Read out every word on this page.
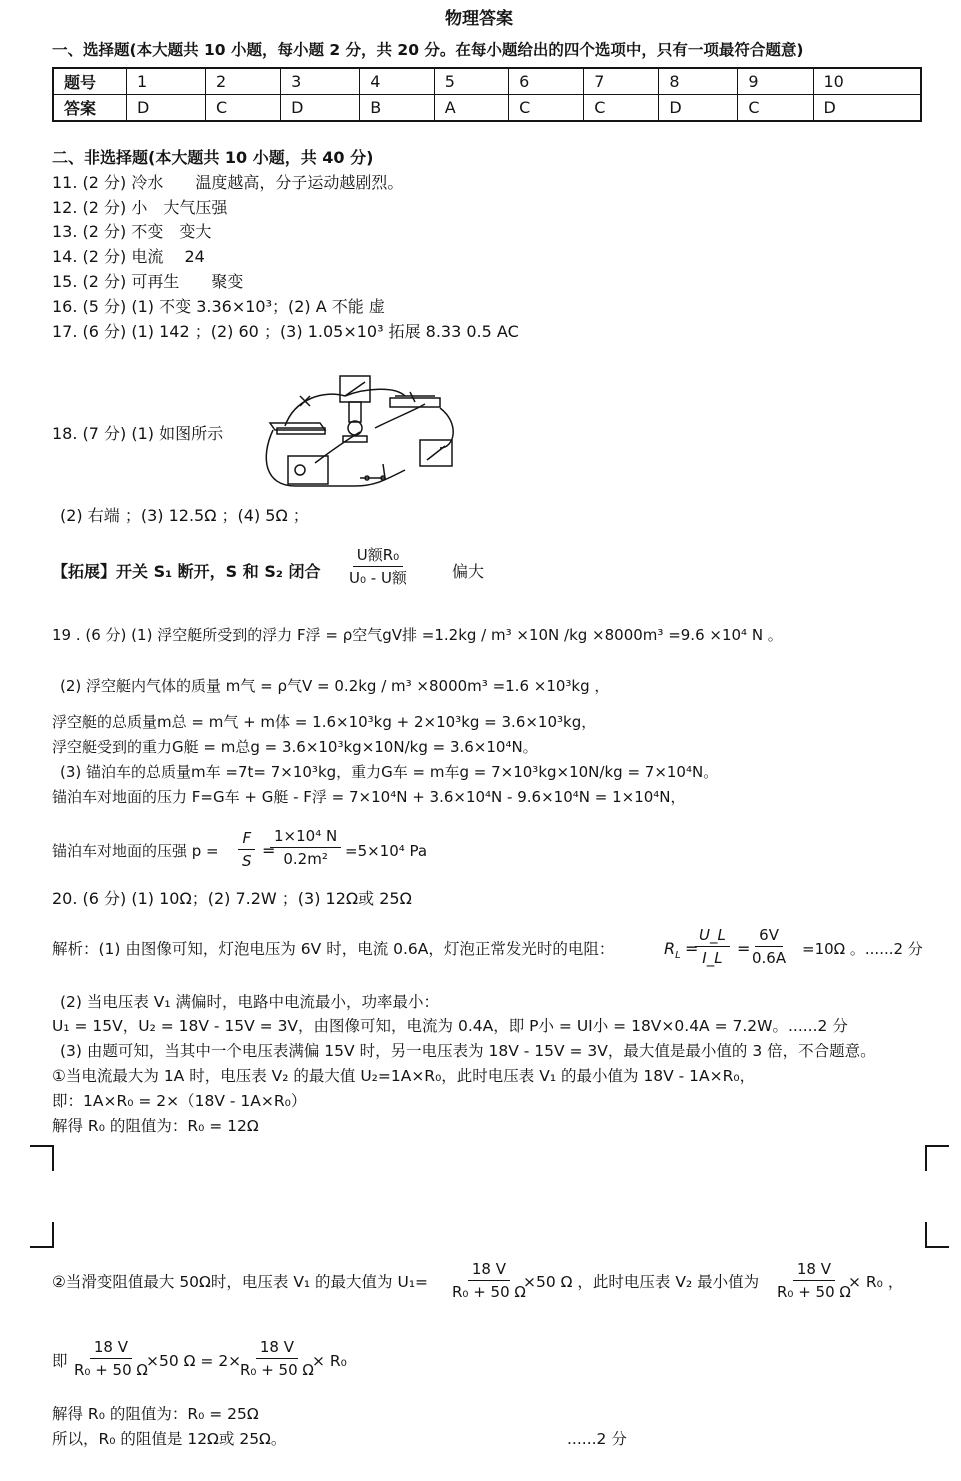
物理答案
一、选择题(本大题共 10 小题，每小题 2 分，共 20 分。在每小题给出的四个选项中，只有一项最符合题意)
题号	1	2	3	4	5	6	7	8	9	10
答案	D	C	D	B	A	C	C	D	C	D
二、非选择题(本大题共 10 小题，共 40 分)
11. (2 分) 冷水　　温度越高，分子运动越剧烈。
12. (2 分) 小　大气压强
13. (2 分) 不变　变大
14. (2 分) 电流　 24
15. (2 分) 可再生　　聚变
16. (5 分) (1) 不变 3.36×10³；(2) A 不能 虚
17. (6 分) (1) 142 ；(2) 60 ；(3) 1.05×10³ 拓展 8.33 0.5 AC
18. (7 分) (1) 如图所示
(2) 右端 ；(3) 12.5Ω ；(4) 5Ω ；
【拓展】开关 S₁ 断开，S 和 S₂ 闭合
U额R₀
U₀ - U额	偏大
19 . (6 分) (1) 浮空艇所受到的浮力 F浮 = ρ空气gV排 =1.2kg / m³ ×10N /kg ×8000m³ =9.6 ×10⁴ N 。
(2) 浮空艇内气体的质量 m气 = ρ气V = 0.2kg / m³ ×8000m³ =1.6 ×10³kg ，
浮空艇的总质量m总 = m气 + m体 = 1.6×10³kg + 2×10³kg = 3.6×10³kg，
浮空艇受到的重力G艇 = m总g = 3.6×10³kg×10N/kg = 3.6×10⁴N。
(3) 锚泊车的总质量m车 =7t= 7×10³kg，重力G车 = m车g = 7×10³kg×10N/kg = 7×10⁴N。
锚泊车对地面的压力 F=G车 + G艇 - F浮 = 7×10⁴N + 3.6×10⁴N - 9.6×10⁴N = 1×10⁴N，
锚泊车对地面的压强 $p = \frac{F}{S}$ =
$\frac{\text{1×10⁴ N}}{\text{0.2m²}} =5\times 10^4$ Pa
20. (6 分) (1) 10Ω；(2) 7.2W ；(3) 12Ω或 25Ω
解析：(1) 由图像可知，灯泡电压为 6V 时，电流 0.6A，灯泡正常发光时的电阻：	$R_L$ =
$\frac{U\_L}{I\_L}$ =
$\frac{6V}{0.6A} =10\Omega$ 。......2 分
(2) 当电压表 V₁ 满偏时，电路中电流最小，功率最小：
U₁ = 15V，U₂ = 18V - 15V = 3V，由图像可知，电流为 0.4A，即 P小 = UI小 = 18V×0.4A = 7.2W。......2 分
(3) 由题可知，当其中一个电压表满偏 15V 时，另一电压表为 18V - 15V = 3V，最大值是最小值的 3 倍，不合题意。
①当电流最大为 1A 时，电压表 V₂ 的最大值 U₂=1A×R₀，此时电压表 V₁ 的最小值为 18V - 1A×R₀，
即：1A×R₀ = 2×（18V - 1A×R₀）
解得 R₀ 的阻值为：R₀ = 12Ω
②当滑变阻值最大 50Ω时，电压表 V₁ 的最大值为 $U_1= \frac{18 V}{\text{R₀ + 50 Ω}}$
×50 Ω ，此时电压表 V₂ 最小值为 $\frac{18 V}{\text{R₀ + 50 Ω}}$
× R₀ ，
即 $\frac{18 V}{\text{R₀ + 50 Ω}}$
×50 Ω = 2×
$\frac{18 V}{\text{R₀ + 50 Ω}}$
× R₀
解得 R₀ 的阻值为：R₀ = 25Ω
所以，R₀ 的阻值是 12Ω或 25Ω。	......2 分
